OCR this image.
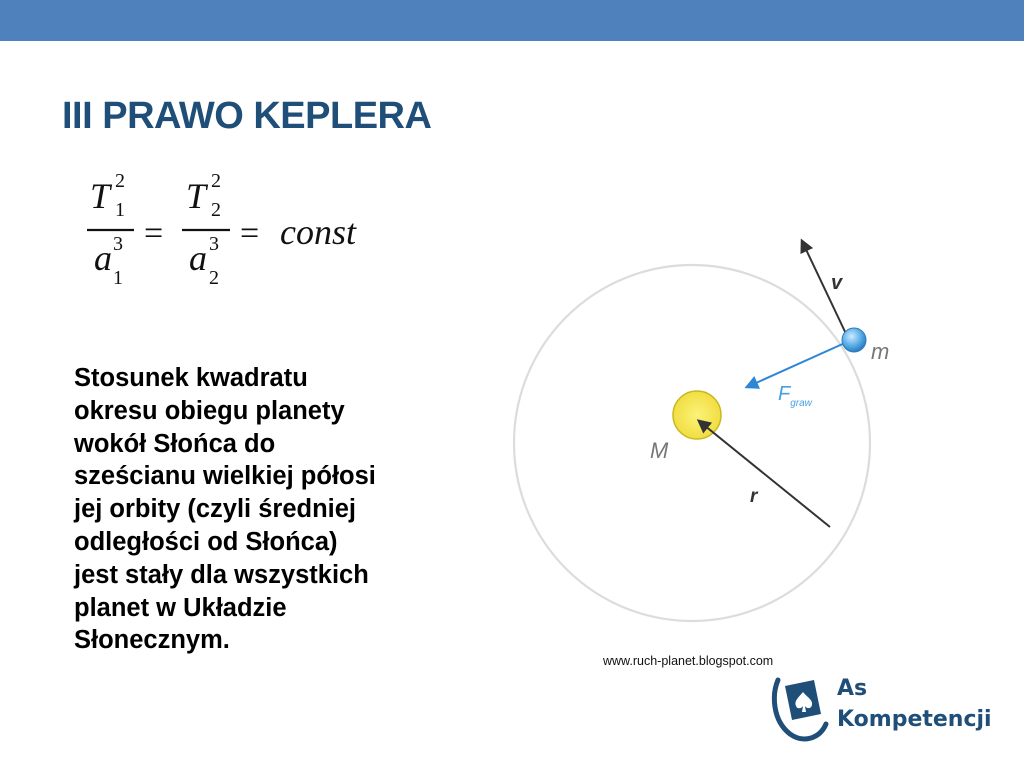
III PRAWO KEPLERA
T 2
1
a 3
1
=
T 2
2
a 3
2
= const
Stosunek kwadratu
okresu obiegu planety
wokół Słońca do
sześcianu wielkiej półosi
jej orbity (czyli średniej
odległości od Słońca)
jest stały dla wszystkich
planet w Układzie
Słonecznym.
M
r
v
$F_{graw}$
m
www.ruch-planet.blogspot.com
As
Kompetencji
